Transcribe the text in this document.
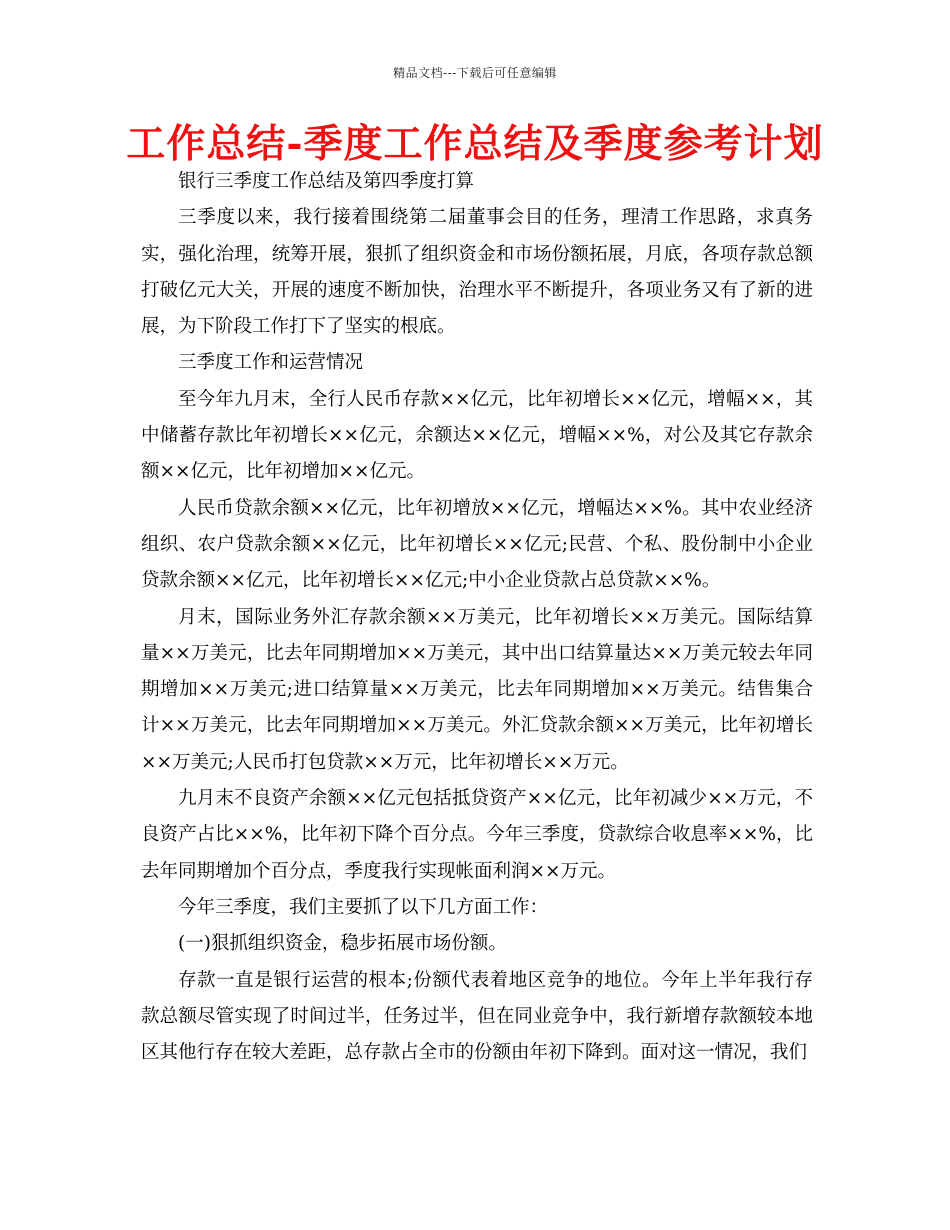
精品文档---下载后可任意编辑
工作总结-季度工作总结及季度参考计划

银行三季度工作总结及第四季度打算

三季度以来，我行接着围绕第二届董事会目的任务，理清工作思路，求真务实，强化治理，统筹开展，狠抓了组织资金和市场份额拓展，月底，各项存款总额打破亿元大关，开展的速度不断加快，治理水平不断提升，各项业务又有了新的进展，为下阶段工作打下了坚实的根底。

三季度工作和运营情况

至今年九月末，全行人民币存款××亿元，比年初增长××亿元，增幅××，其中储蓄存款比年初增长××亿元，余额达××亿元，增幅××%，对公及其它存款余额××亿元，比年初增加××亿元。

人民币贷款余额××亿元，比年初增放××亿元，增幅达××%。其中农业经济组织、农户贷款余额××亿元，比年初增长××亿元;民营、个私、股份制中小企业贷款余额××亿元，比年初增长××亿元;中小企业贷款占总贷款××%。

月末，国际业务外汇存款余额××万美元，比年初增长××万美元。国际结算量××万美元，比去年同期增加××万美元，其中出口结算量达××万美元较去年同期增加××万美元;进口结算量××万美元，比去年同期增加××万美元。结售集合计××万美元，比去年同期增加××万美元。外汇贷款余额××万美元，比年初增长××万美元;人民币打包贷款××万元，比年初增长××万元。

九月末不良资产余额××亿元包括抵贷资产××亿元，比年初减少××万元，不良资产占比××%，比年初下降个百分点。今年三季度，贷款综合收息率××%，比去年同期增加个百分点，季度我行实现帐面利润××万元。

今年三季度，我们主要抓了以下几方面工作：

(一)狠抓组织资金，稳步拓展市场份额。

存款一直是银行运营的根本;份额代表着地区竞争的地位。今年上半年我行存款总额尽管实现了时间过半，任务过半，但在同业竞争中，我行新增存款额较本地区其他行存在较大差距，总存款占全市的份额由年初下降到。面对这一情况，我们
